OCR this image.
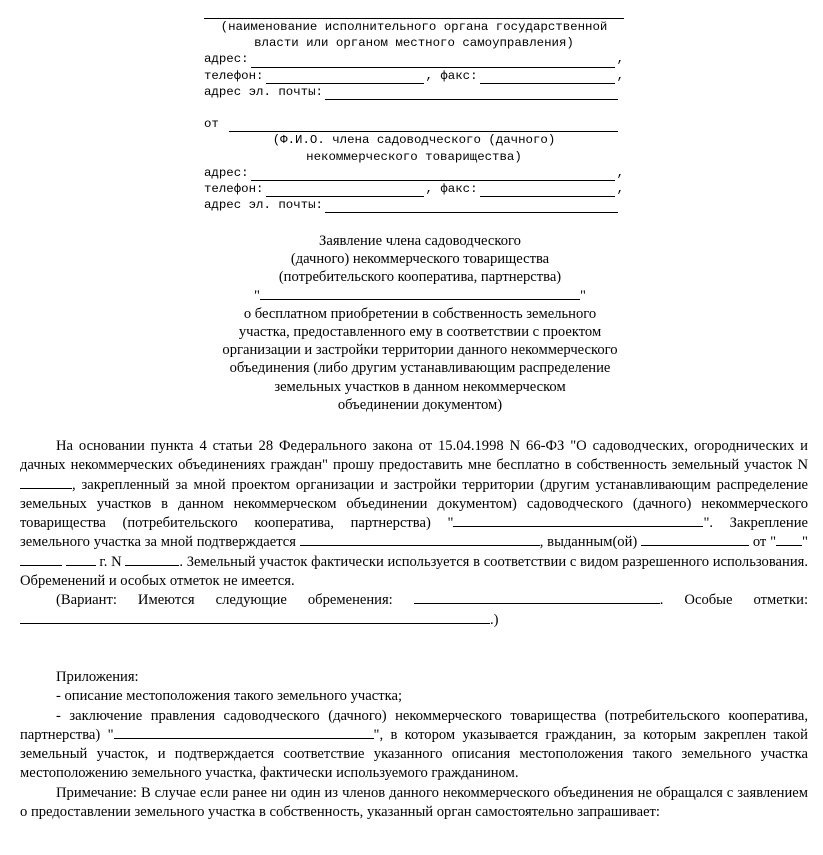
(наименование исполнительного органа государственной
власти или органом местного самоуправления)
адрес:	,
телефон:	, факс:	,
адрес эл. почты:
от
(Ф.И.О. члена садоводческого (дачного)
некоммерческого товарищества)
адрес:	,
телефон:	, факс:	,
адрес эл. почты:
Заявление члена садоводческого
(дачного) некоммерческого товарищества
(потребительского кооператива, партнерства)
"	"
о бесплатном приобретении в собственность земельного
участка, предоставленного ему в соответствии с проектом
организации и застройки территории данного некоммерческого
объединения (либо другим устанавливающим распределение
земельных участков в данном некоммерческом
объединении документом)

На основании пункта 4 статьи 28 Федерального закона от 15.04.1998 N 66-ФЗ "О садоводческих, огороднических и дачных некоммерческих объединениях граждан" прошу предоставить мне бесплатно в собственность земельный участок N , закрепленный за мной проектом организации и застройки территории (другим устанавливающим распределение земельных участков в данном некоммерческом объединении документом) садоводческого (дачного) некоммерческого товарищества (потребительского кооператива, партнерства) "	". Закрепление земельного участка за мной подтверждается	, выданным(ой)	от " "  г. N	. Земельный участок фактически используется в соответствии с видом разрешенного использования. Обременений и особых отметок не имеется.

(Вариант: Имеются следующие обременения:	. Особые отметки: .)

Приложения:

- описание местоположения такого земельного участка;

- заключение правления садоводческого (дачного) некоммерческого товарищества (потребительского кооператива, партнерства) "	", в котором указывается гражданин, за которым закреплен такой земельный участок, и подтверждается соответствие указанного описания местоположения такого земельного участка местоположению земельного участка, фактически используемого гражданином.

Примечание: В случае если ранее ни один из членов данного некоммерческого объединения не обращался с заявлением о предоставлении земельного участка в собственность, указанный орган самостоятельно запрашивает:
